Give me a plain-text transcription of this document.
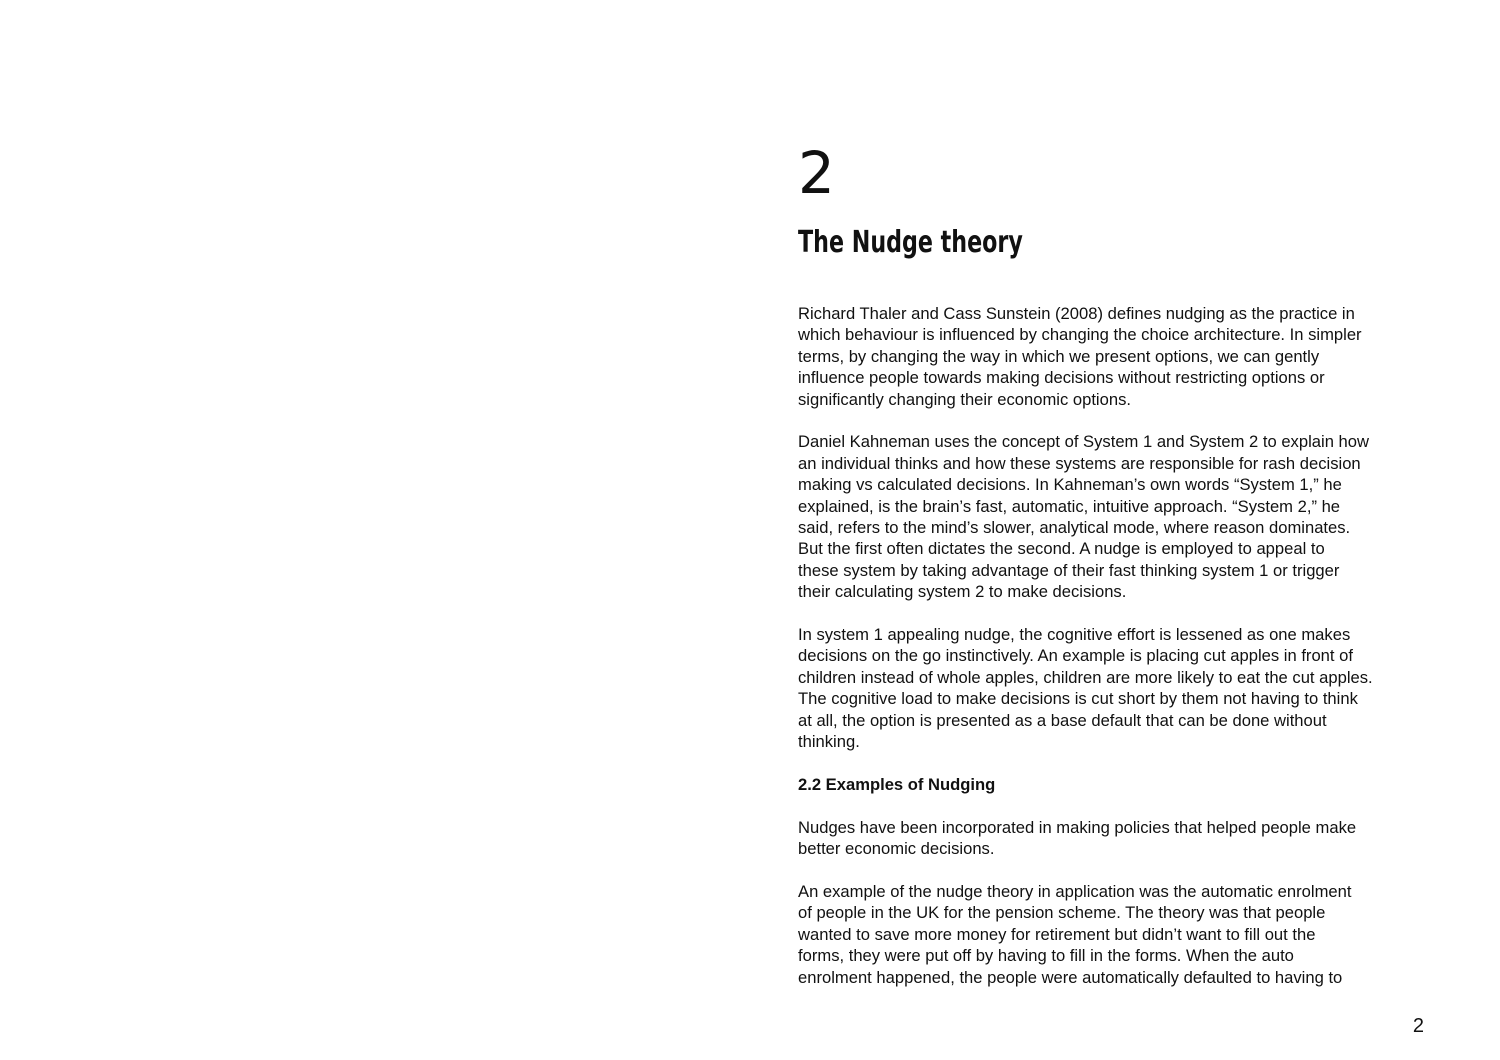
2
The Nudge theory

Richard Thaler and Cass Sunstein (2008) defines nudging as the practice in
which behaviour is influenced by changing the choice architecture. In simpler
terms, by changing the way in which we present options, we can gently
influence people towards making decisions without restricting options or
significantly changing their economic options.

Daniel Kahneman uses the concept of System 1 and System 2 to explain how
an individual thinks and how these systems are responsible for rash decision
making vs calculated decisions. In Kahneman’s own words “System 1,” he
explained, is the brain’s fast, automatic, intuitive approach. “System 2,” he
said, refers to the mind’s slower, analytical mode, where reason dominates.
But the first often dictates the second. A nudge is employed to appeal to
these system by taking advantage of their fast thinking system 1 or trigger
their calculating system 2 to make decisions.

In system 1 appealing nudge, the cognitive effort is lessened as one makes
decisions on the go instinctively. An example is placing cut apples in front of
children instead of whole apples, children are more likely to eat the cut apples.
The cognitive load to make decisions is cut short by them not having to think
at all, the option is presented as a base default that can be done without
thinking.

2.2 Examples of Nudging

Nudges have been incorporated in making policies that helped people make
better economic decisions.

An example of the nudge theory in application was the automatic enrolment
of people in the UK for the pension scheme. The theory was that people
wanted to save more money for retirement but didn’t want to fill out the
forms, they were put off by having to fill in the forms. When the auto
enrolment happened, the people were automatically defaulted to having to

2
